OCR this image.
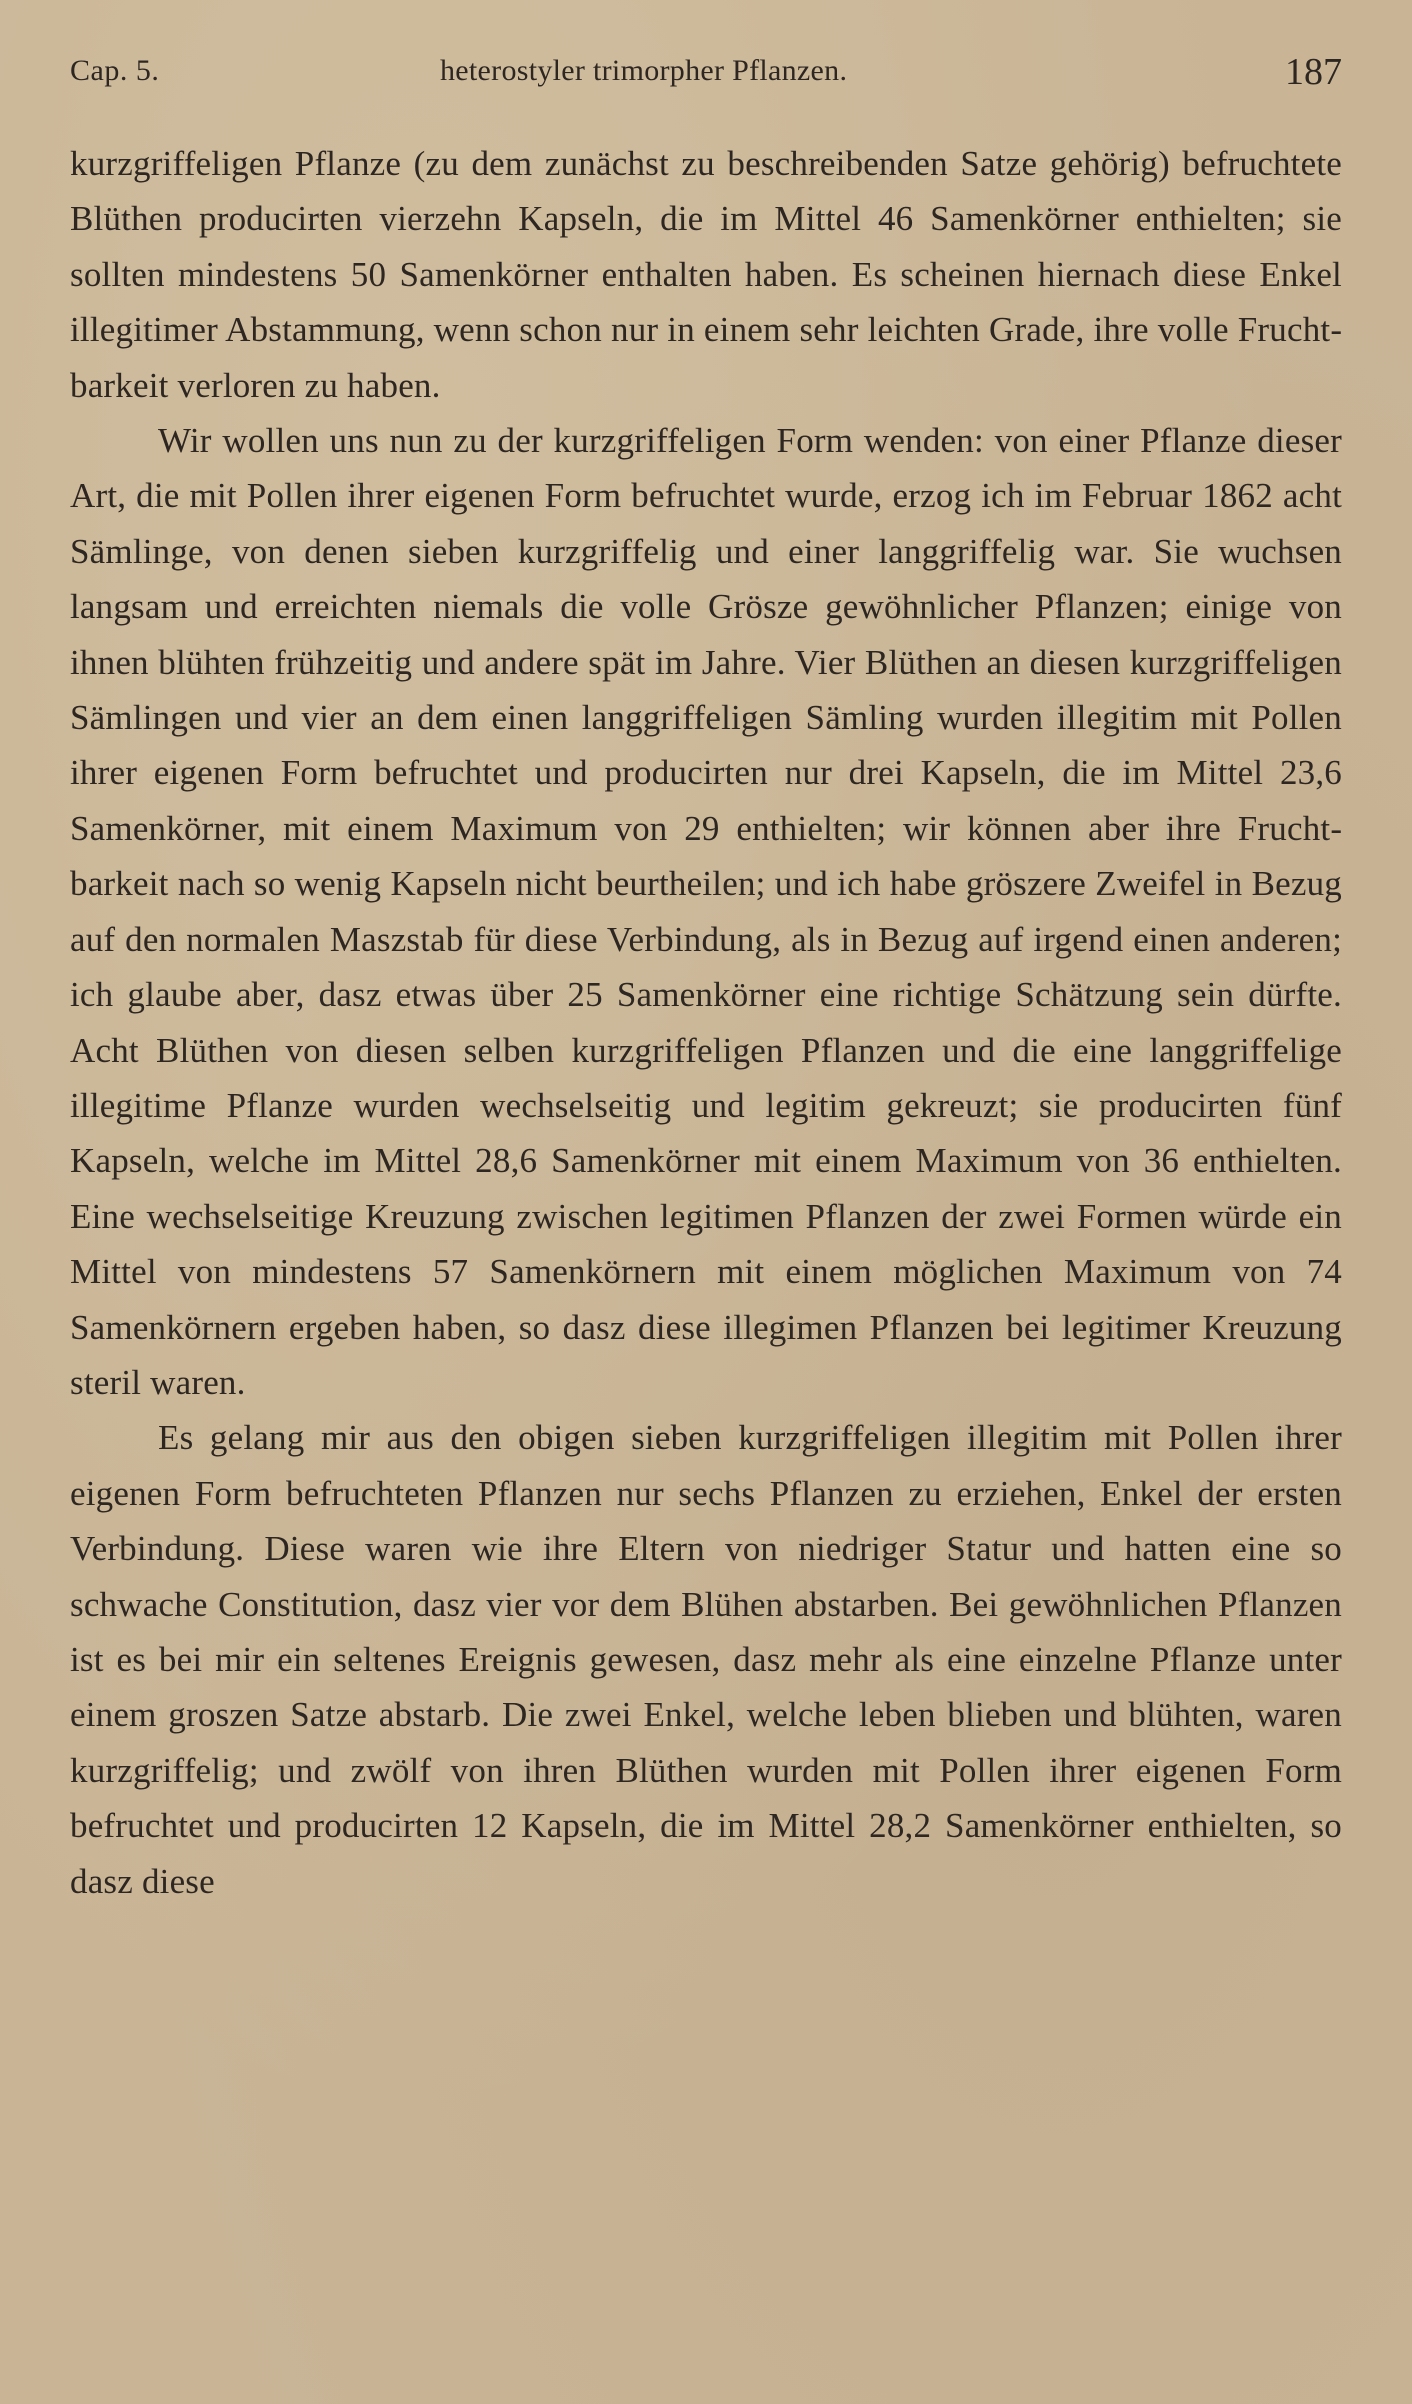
Cap. 5.	heterostyler trimorpher Pflanzen.	187

kurzgriffeligen Pflanze (zu dem zunächst zu beschreibenden Satze gehörig) befruchtete Blüthen producirten vierzehn Kapseln, die im Mittel 46 Samenkörner enthielten; sie sollten mindestens 50 Samenkörner enthalten haben. Es scheinen hiernach diese Enkel illegitimer Abstammung, wenn schon nur in einem sehr leichten Grade, ihre volle Fruchtbarkeit verloren zu haben.

Wir wollen uns nun zu der kurzgriffeligen Form wenden: von einer Pflanze dieser Art, die mit Pollen ihrer eigenen Form befruchtet wurde, erzog ich im Februar 1862 acht Sämlinge, von denen sieben kurzgriffelig und einer langgriffelig war. Sie wuchsen langsam und erreichten niemals die volle Grösze gewöhnlicher Pflanzen; einige von ihnen blühten frühzeitig und andere spät im Jahre. Vier Blüthen an diesen kurzgriffeligen Sämlingen und vier an dem einen langgriffeligen Sämling wurden illegitim mit Pollen ihrer eigenen Form befruchtet und producirten nur drei Kapseln, die im Mittel 23,6 Samenkörner, mit einem Maximum von 29 enthielten; wir können aber ihre Fruchtbarkeit nach so wenig Kapseln nicht beurtheilen; und ich habe gröszere Zweifel in Bezug auf den normalen Maszstab für diese Verbindung, als in Bezug auf irgend einen anderen; ich glaube aber, dasz etwas über 25 Samenkörner eine richtige Schätzung sein dürfte. Acht Blüthen von diesen selben kurzgriffeligen Pflanzen und die eine langgriffelige illegitime Pflanze wurden wechselseitig und legitim gekreuzt; sie producirten fünf Kapseln, welche im Mittel 28,6 Samenkörner mit einem Maximum von 36 enthielten. Eine wechselseitige Kreuzung zwischen legitimen Pflanzen der zwei Formen würde ein Mittel von mindestens 57 Samenkörnern mit einem möglichen Maximum von 74 Samenkörnern ergeben haben, so dasz diese illegimen Pflanzen bei legitimer Kreuzung steril waren.

Es gelang mir aus den obigen sieben kurzgriffeligen illegitim mit Pollen ihrer eigenen Form befruchteten Pflanzen nur sechs Pflanzen zu erziehen, Enkel der ersten Verbindung. Diese waren wie ihre Eltern von niedriger Statur und hatten eine so schwache Constitution, dasz vier vor dem Blühen abstarben. Bei gewöhnlichen Pflanzen ist es bei mir ein seltenes Ereignis gewesen, dasz mehr als eine einzelne Pflanze unter einem groszen Satze abstarb. Die zwei Enkel, welche leben blieben und blühten, waren kurzgriffelig; und zwölf von ihren Blüthen wurden mit Pollen ihrer eigenen Form befruchtet und producirten 12 Kapseln, die im Mittel 28,2 Samenkörner enthielten, so dasz diese
